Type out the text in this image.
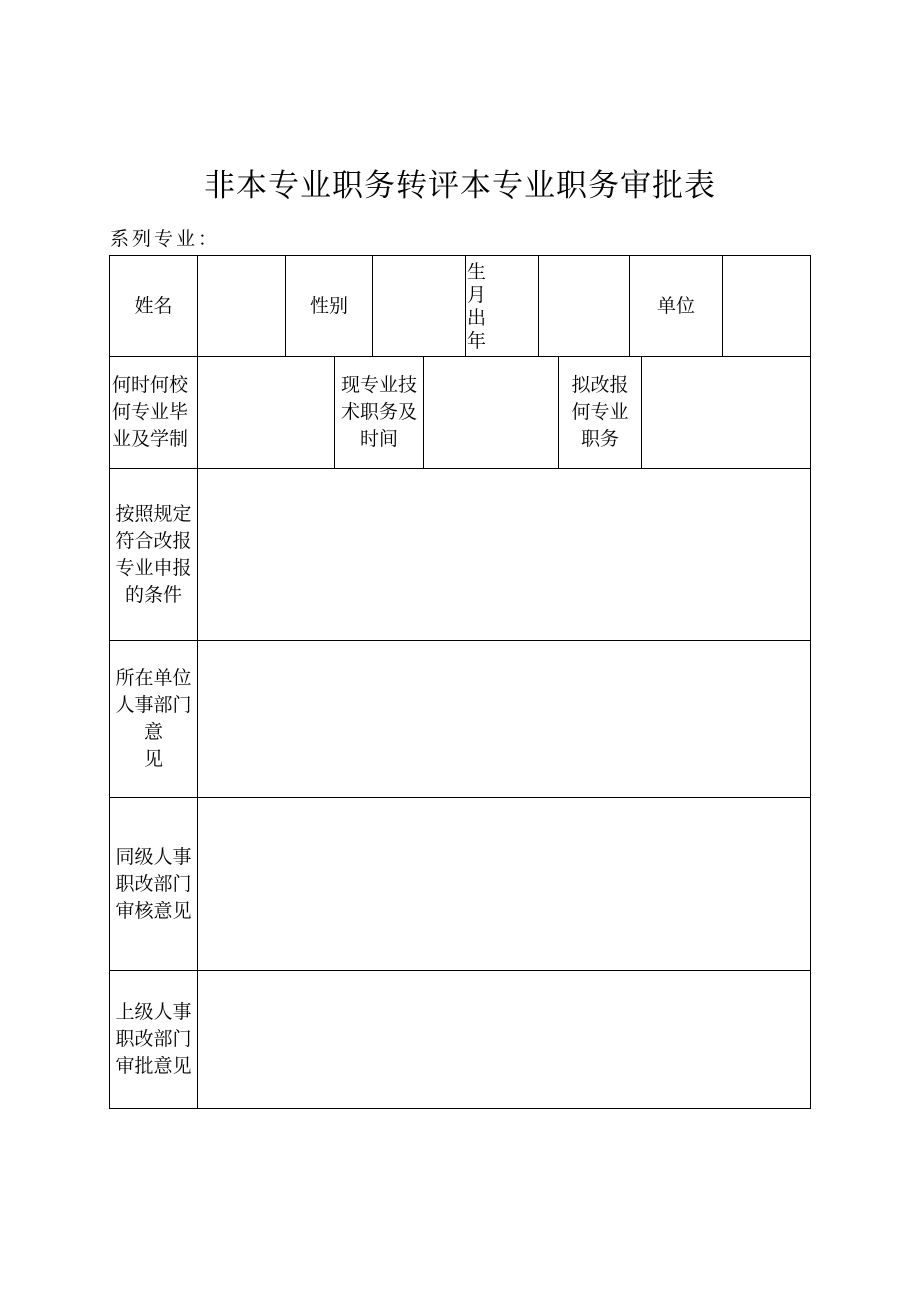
非本专业职务转评本专业职务审批表
系列专业：
姓名	性别
生
月
出
年
单位
何时何校
何专业毕
业及学制
现专业技
术职务及
时间
拟改报
何专业
职务
按照规定
符合改报
专业申报
的条件
所在单位
人事部门
意
见
同级人事
职改部门
审核意见
上级人事
职改部门
审批意见
